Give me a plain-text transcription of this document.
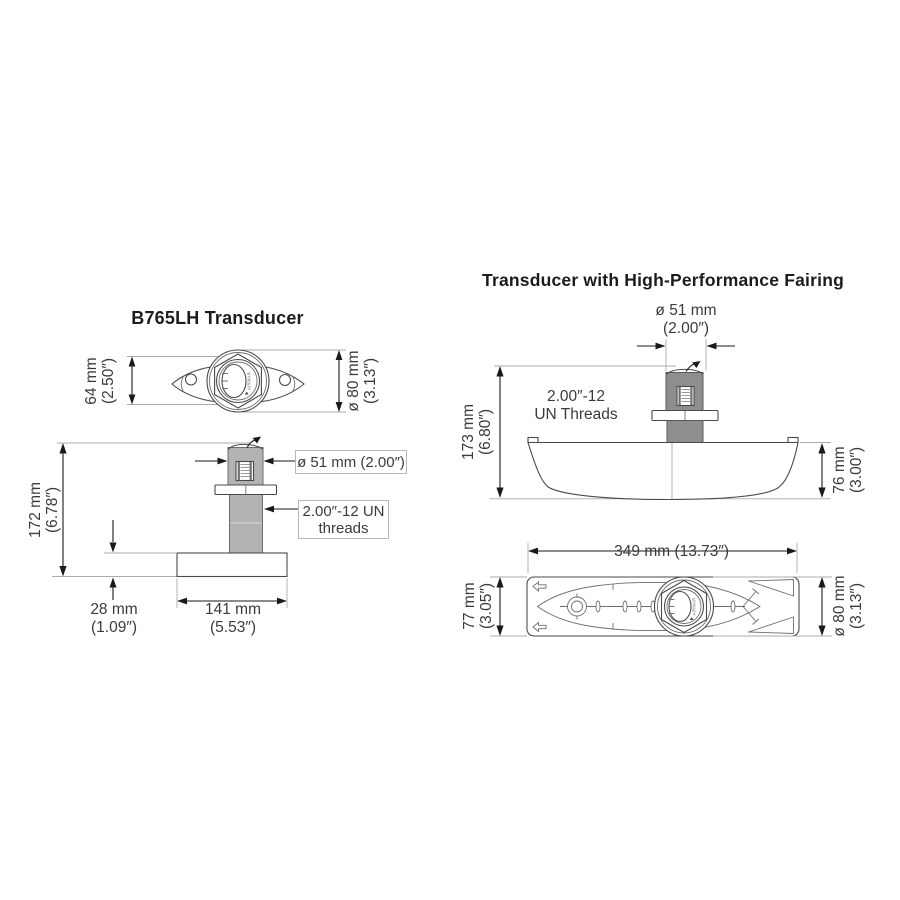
AIRMAR
AIRMAR
B765LH Transducer
Transducer with High-Performance Fairing
64 mm (2.50″)	ø 80 mm (3.13″)
172 mm (6.78″)
ø 51 mm (2.00″)
2.00″-12 UN
threads
28 mm
(1.09″)
141 mm
(5.53″)
ø 51 mm
(2.00″)
2.00″-12
UN Threads
173 mm (6.80″)
76 mm (3.00″)

349 mm (13.73″)

77 mm (3.05″)	ø 80 mm (3.13″)
